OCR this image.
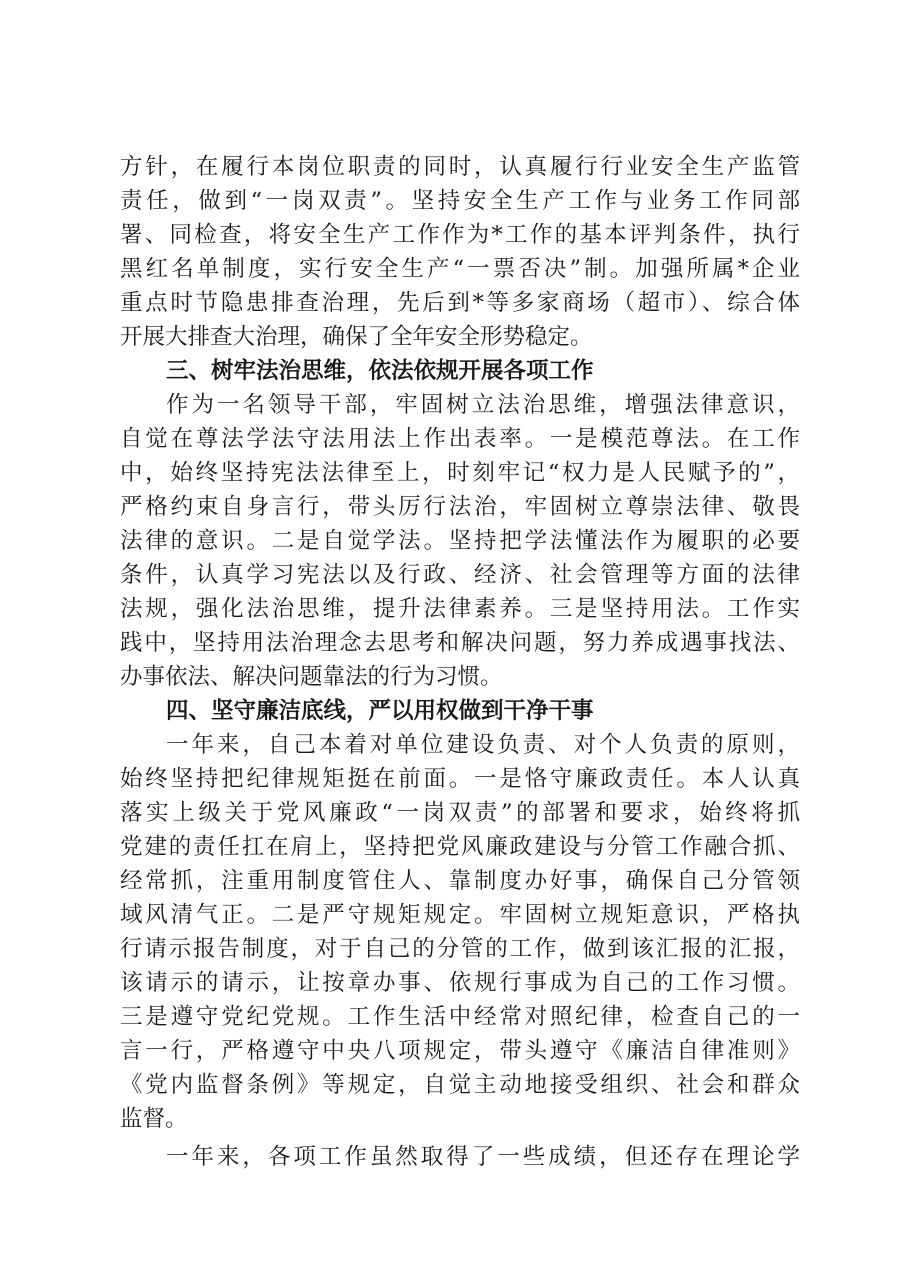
方针，在履行本岗位职责的同时，认真履行行业安全生产监管
责任，做到“一岗双责”。坚持安全生产工作与业务工作同部
署、同检查，将安全生产工作作为*工作的基本评判条件，执行
黑红名单制度，实行安全生产“一票否决”制。加强所属*企业
重点时节隐患排查治理，先后到*等多家商场（超市）、综合体
开展大排查大治理，确保了全年安全形势稳定。
三、树牢法治思维，依法依规开展各项工作
作为一名领导干部，牢固树立法治思维，增强法律意识，
自觉在尊法学法守法用法上作出表率。一是模范尊法。在工作
中，始终坚持宪法法律至上，时刻牢记“权力是人民赋予的”，
严格约束自身言行，带头厉行法治，牢固树立尊崇法律、敬畏
法律的意识。二是自觉学法。坚持把学法懂法作为履职的必要
条件，认真学习宪法以及行政、经济、社会管理等方面的法律
法规，强化法治思维，提升法律素养。三是坚持用法。工作实
践中，坚持用法治理念去思考和解决问题，努力养成遇事找法、
办事依法、解决问题靠法的行为习惯。
四、坚守廉洁底线，严以用权做到干净干事
一年来，自己本着对单位建设负责、对个人负责的原则，
始终坚持把纪律规矩挺在前面。一是恪守廉政责任。本人认真
落实上级关于党风廉政“一岗双责”的部署和要求，始终将抓
党建的责任扛在肩上，坚持把党风廉政建设与分管工作融合抓、
经常抓，注重用制度管住人、靠制度办好事，确保自己分管领
域风清气正。二是严守规矩规定。牢固树立规矩意识，严格执
行请示报告制度，对于自己的分管的工作，做到该汇报的汇报，
该请示的请示，让按章办事、依规行事成为自己的工作习惯。
三是遵守党纪党规。工作生活中经常对照纪律，检查自己的一
言一行，严格遵守中央八项规定，带头遵守《廉洁自律准则》
《党内监督条例》等规定，自觉主动地接受组织、社会和群众
监督。
一年来，各项工作虽然取得了一些成绩，但还存在理论学
